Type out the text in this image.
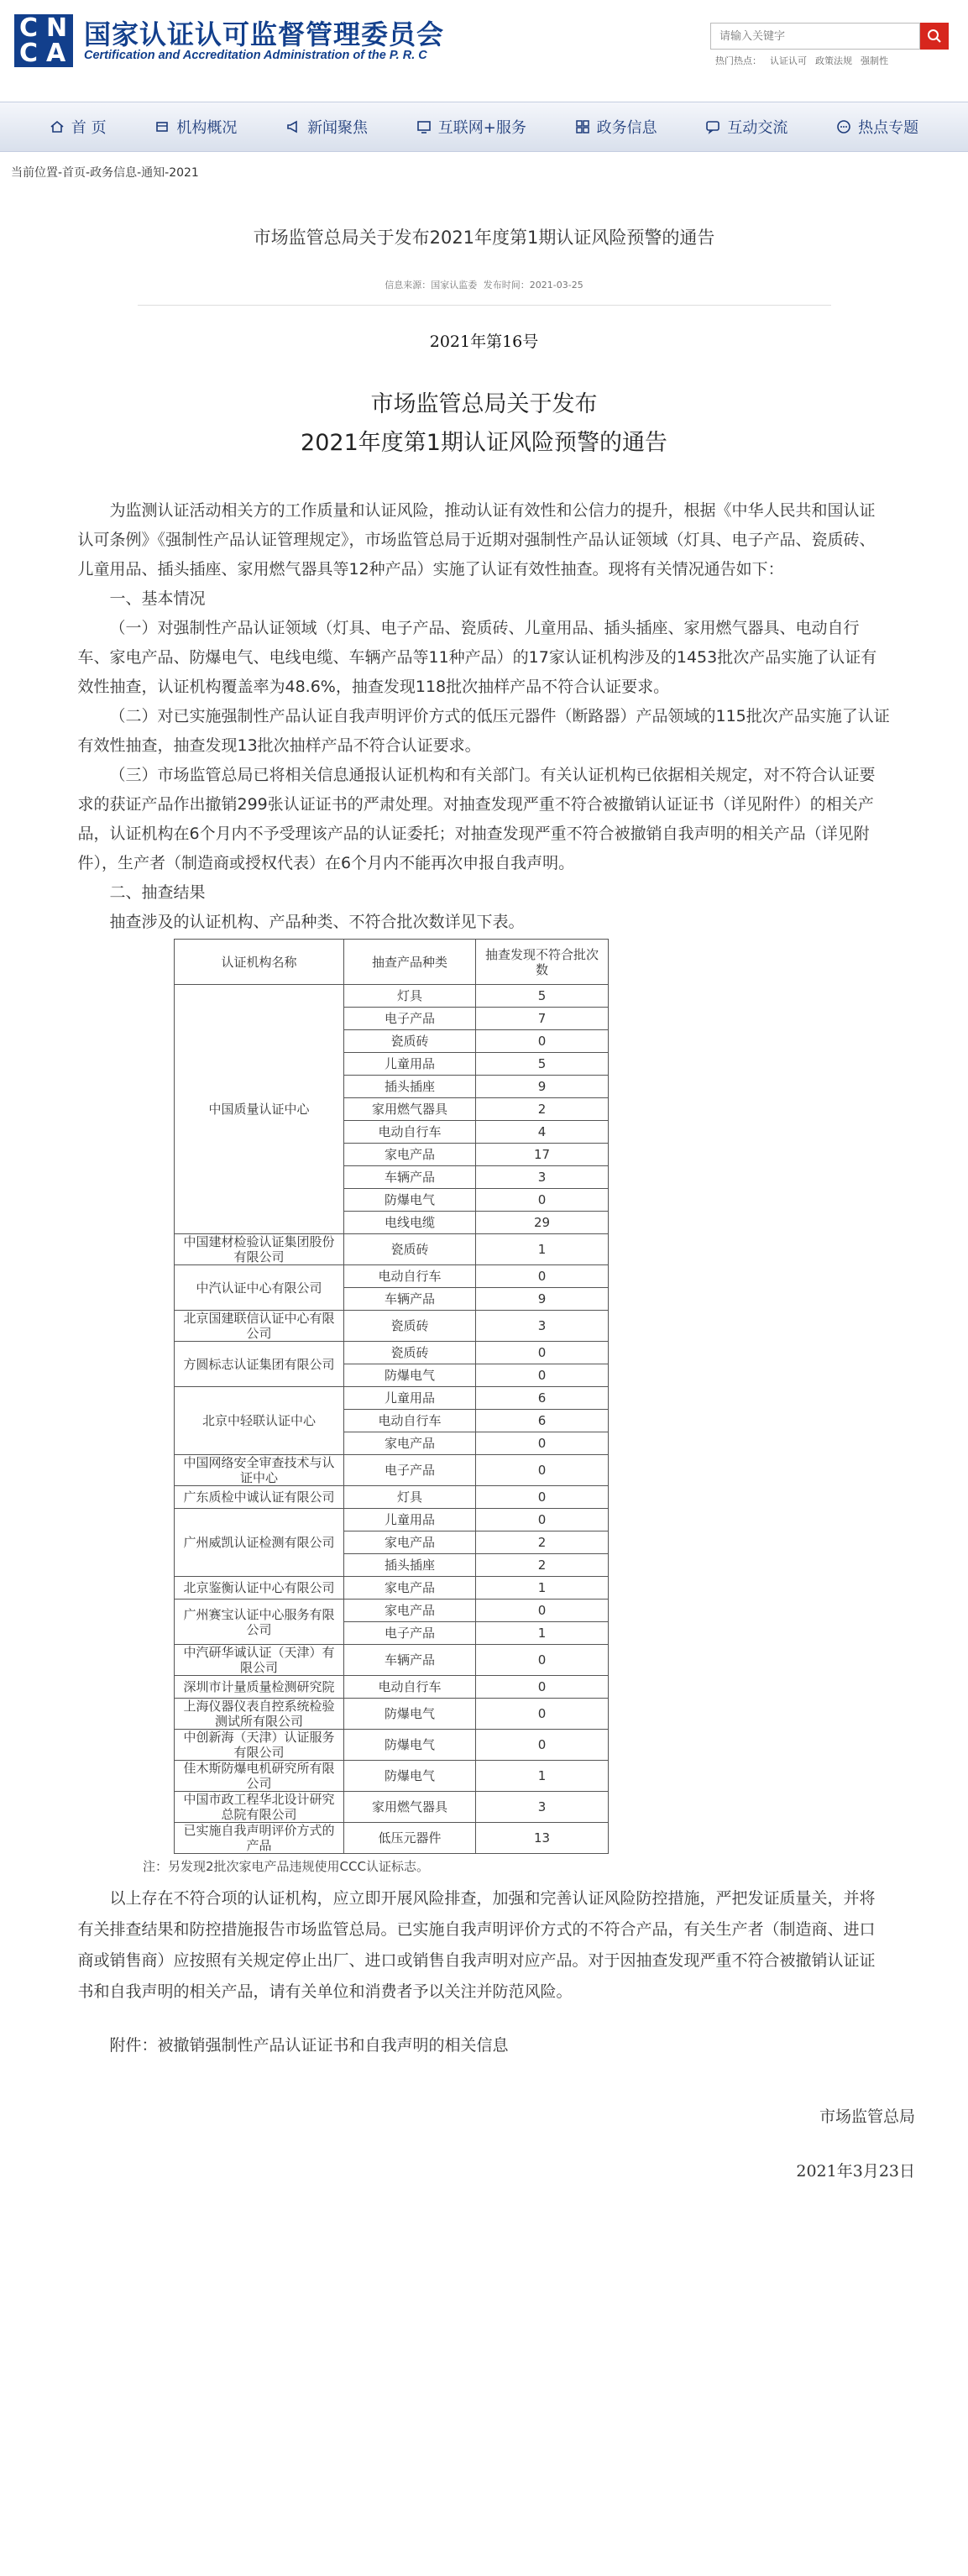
C N
C A
国家认证认可监督管理委员会
Certification and Accreditation Administration of the P. R. C
请输入关键字	热门热点： 认证认可 政策法规 强制性
首 页	机构概况	新闻聚焦	互联网+服务	政务信息	互动交流	热点专题
当前位置-首页-政务信息-通知-2021
市场监管总局关于发布2021年度第1期认证风险预警的通告
信息来源：国家认监委 发布时间：2021-03-25
2021年第16号
市场监管总局关于发布
2021年度第1期认证风险预警的通告

为监测认证活动相关方的工作质量和认证风险，推动认证有效性和公信力的提升，根据《中华人民共和国认证认可条例》《强制性产品认证管理规定》，市场监管总局于近期对强制性产品认证领域（灯具、电子产品、瓷质砖、儿童用品、插头插座、家用燃气器具等12种产品）实施了认证有效性抽查。现将有关情况通告如下：

一、基本情况

（一）对强制性产品认证领域（灯具、电子产品、瓷质砖、儿童用品、插头插座、家用燃气器具、电动自行车、家电产品、防爆电气、电线电缆、车辆产品等11种产品）的17家认证机构涉及的1453批次产品实施了认证有效性抽查，认证机构覆盖率为48.6%，抽查发现118批次抽样产品不符合认证要求。

（二）对已实施强制性产品认证自我声明评价方式的低压元器件（断路器）产品领域的115批次产品实施了认证有效性抽查，抽查发现13批次抽样产品不符合认证要求。

（三）市场监管总局已将相关信息通报认证机构和有关部门。有关认证机构已依据相关规定，对不符合认证要求的获证产品作出撤销299张认证证书的严肃处理。对抽查发现严重不符合被撤销认证证书（详见附件）的相关产品，认证机构在6个月内不予受理该产品的认证委托；对抽查发现严重不符合被撤销自我声明的相关产品（详见附件），生产者（制造商或授权代表）在6个月内不能再次申报自我声明。

二、抽查结果

抽查涉及的认证机构、产品种类、不符合批次数详见下表。

认证机构名称	抽查产品种类	抽查发现不符合批次数
中国质量认证中心	灯具	5
	电子产品	7
	瓷质砖	0
	儿童用品	5
	插头插座	9
	家用燃气器具	2
	电动自行车	4
	家电产品	17
	车辆产品	3
	防爆电气	0
	电线电缆	29
中国建材检验认证集团股份有限公司	瓷质砖	1
中汽认证中心有限公司	电动自行车	0
	车辆产品	9
北京国建联信认证中心有限公司	瓷质砖	3
方圆标志认证集团有限公司	瓷质砖	0
	防爆电气	0
北京中轻联认证中心	儿童用品	6
	电动自行车	6
	家电产品	0
中国网络安全审查技术与认证中心	电子产品	0
广东质检中诚认证有限公司	灯具	0
广州威凯认证检测有限公司	儿童用品	0
	家电产品	2
	插头插座	2
北京鉴衡认证中心有限公司	家电产品	1
广州赛宝认证中心服务有限公司	家电产品	0
	电子产品	1
中汽研华诚认证（天津）有限公司	车辆产品	0
深圳市计量质量检测研究院	电动自行车	0
上海仪器仪表自控系统检验测试所有限公司	防爆电气	0
中创新海（天津）认证服务有限公司	防爆电气	0
佳木斯防爆电机研究所有限公司	防爆电气	1
中国市政工程华北设计研究总院有限公司	家用燃气器具	3
已实施自我声明评价方式的产品	低压元器件	13
注：另发现2批次家电产品违规使用CCC认证标志。

以上存在不符合项的认证机构，应立即开展风险排查，加强和完善认证风险防控措施，严把发证质量关，并将有关排查结果和防控措施报告市场监管总局。已实施自我声明评价方式的不符合产品，有关生产者（制造商、进口商或销售商）应按照有关规定停止出厂、进口或销售自我声明对应产品。对于因抽查发现严重不符合被撤销认证证书和自我声明的相关产品，请有关单位和消费者予以关注并防范风险。

附件：被撤销强制性产品认证证书和自我声明的相关信息
市场监管总局
2021年3月23日
